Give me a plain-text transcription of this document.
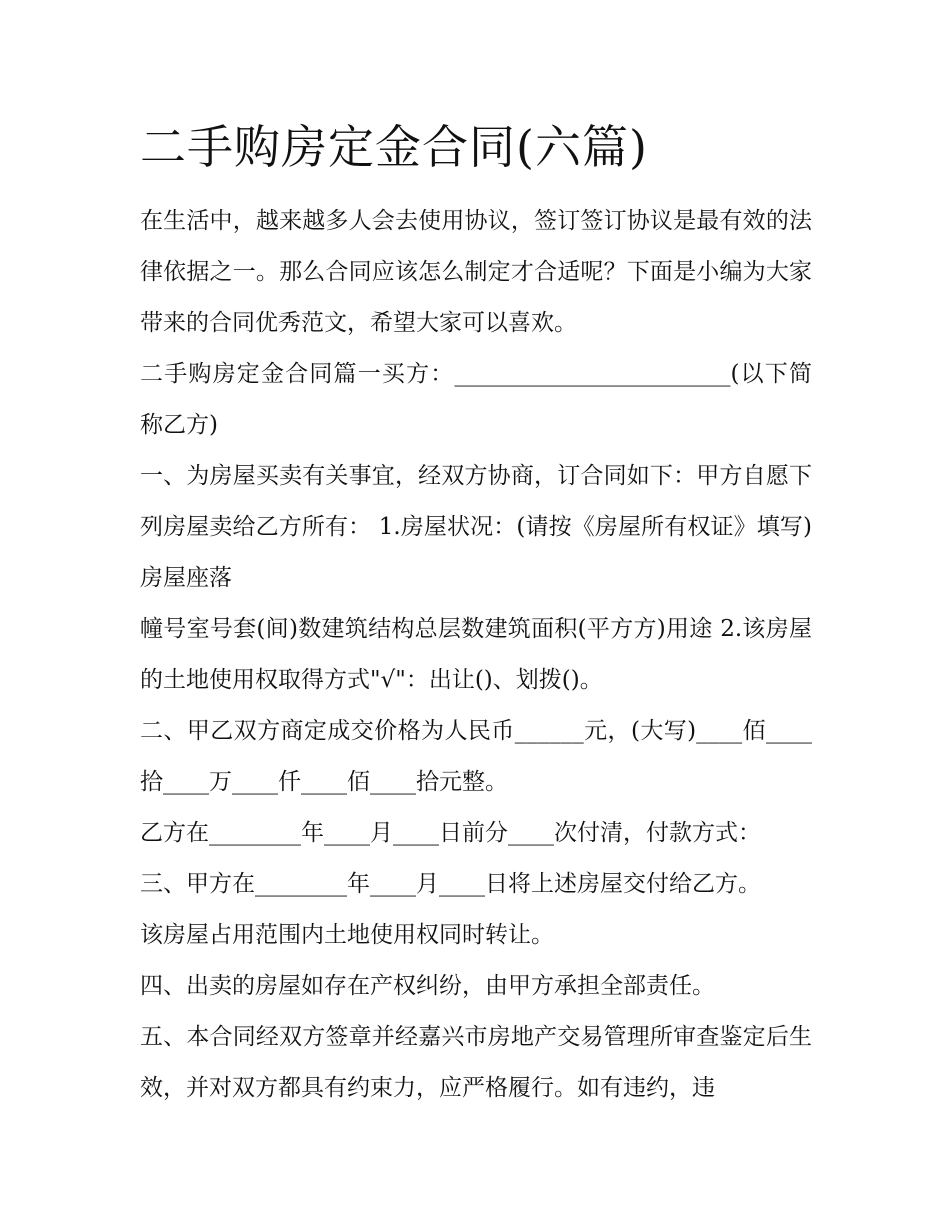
二手购房定金合同(六篇)

在生活中，越来越多人会去使用协议，签订签订协议是最有效的法律依据之一。那么合同应该怎么制定才合适呢？下面是小编为大家带来的合同优秀范文，希望大家可以喜欢。

二手购房定金合同篇一买方：________________________(以下简称乙方)

一、为房屋买卖有关事宜，经双方协商，订合同如下：甲方自愿下列房屋卖给乙方所有： 1.房屋状况：(请按《房屋所有权证》填写) 房屋座落

幢号室号套(间)数建筑结构总层数建筑面积(平方方)用途 2.该房屋的土地使用权取得方式"√"：出让()、划拨()。

二、甲乙双方商定成交价格为人民币______元，(大写)____佰____拾____万____仟____佰____拾元整。

乙方在________年____月____日前分____次付清，付款方式：

三、甲方在________年____月____日将上述房屋交付给乙方。

该房屋占用范围内土地使用权同时转让。

四、出卖的房屋如存在产权纠纷，由甲方承担全部责任。

五、本合同经双方签章并经嘉兴市房地产交易管理所审查鉴定后生效，并对双方都具有约束力，应严格履行。如有违约，违
